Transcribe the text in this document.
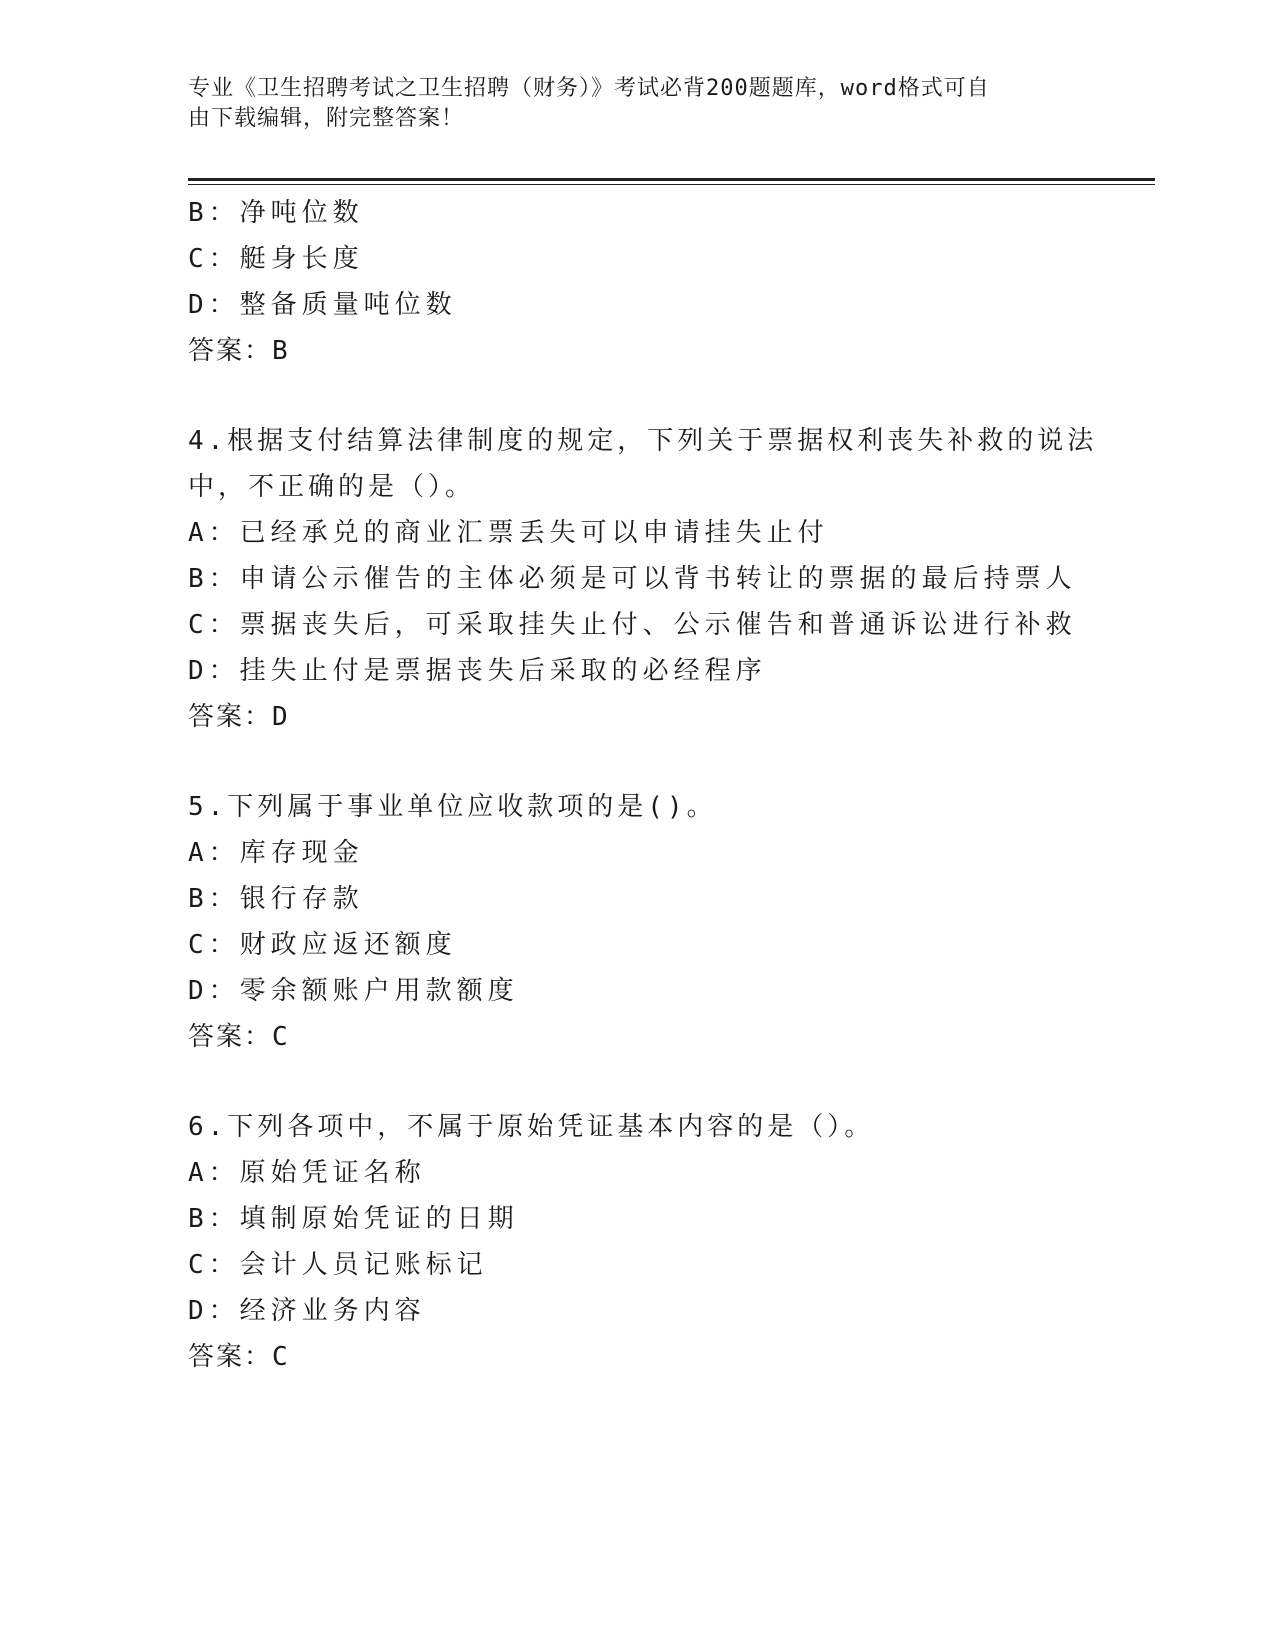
专业《卫生招聘考试之卫生招聘（财务）》考试必背200题题库，word格式可自
由下载编辑，附完整答案！
B：净吨位数
C：艇身长度
D：整备质量吨位数
答案：B
4.根据支付结算法律制度的规定，下列关于票据权利丧失补救的说法
中，不正确的是（）。
A：已经承兑的商业汇票丢失可以申请挂失止付
B：申请公示催告的主体必须是可以背书转让的票据的最后持票人
C：票据丧失后，可采取挂失止付、公示催告和普通诉讼进行补救
D：挂失止付是票据丧失后采取的必经程序
答案：D
5.下列属于事业单位应收款项的是()。
A：库存现金
B：银行存款
C：财政应返还额度
D：零余额账户用款额度
答案：C
6.下列各项中，不属于原始凭证基本内容的是（）。
A：原始凭证名称
B：填制原始凭证的日期
C：会计人员记账标记
D：经济业务内容
答案：C
